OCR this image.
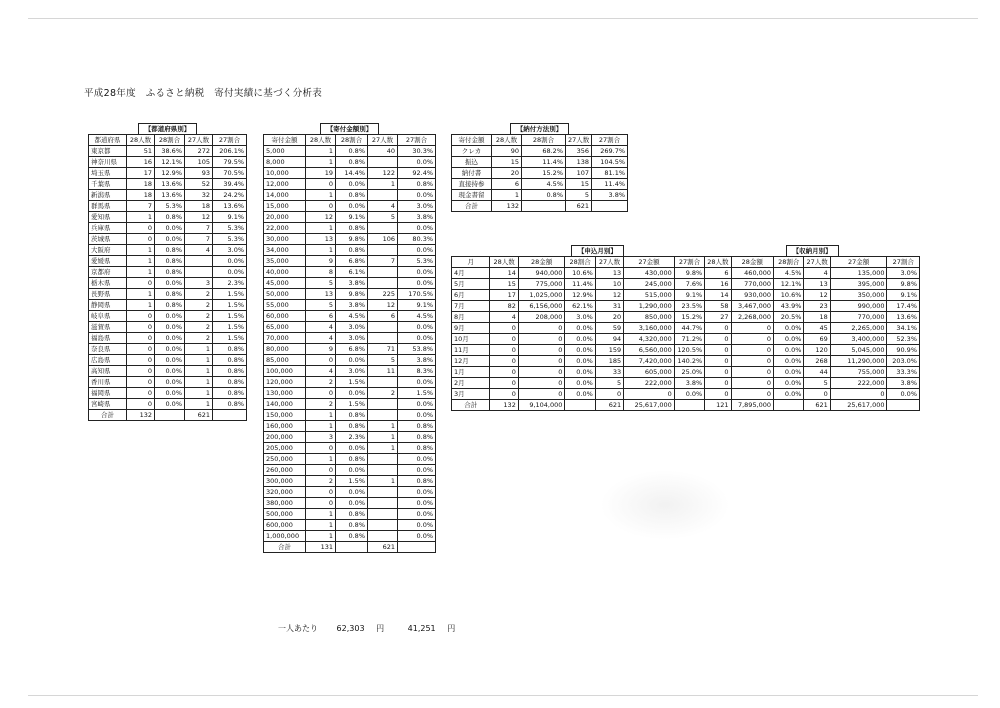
平成28年度　ふるさと納税　寄付実績に基づく分析表
【都道府県別】				
都道府県	28人数	28割合	27人数	27割合
東京都	51	38.6%	272	206.1%
神奈川県	16	12.1%	105	79.5%
埼玉県	17	12.9%	93	70.5%
千葉県	18	13.6%	52	39.4%
新潟県	18	13.6%	32	24.2%
群馬県	7	5.3%	18	13.6%
愛知県	1	0.8%	12	9.1%
兵庫県	0	0.0%	7	5.3%
茨城県	0	0.0%	7	5.3%
大阪府	1	0.8%	4	3.0%
愛媛県	1	0.8%		0.0%
京都府	1	0.8%		0.0%
栃木県	0	0.0%	3	2.3%
長野県	1	0.8%	2	1.5%
静岡県	1	0.8%	2	1.5%
岐阜県	0	0.0%	2	1.5%
滋賀県	0	0.0%	2	1.5%
福島県	0	0.0%	2	1.5%
奈良県	0	0.0%	1	0.8%
広島県	0	0.0%	1	0.8%
高知県	0	0.0%	1	0.8%
香川県	0	0.0%	1	0.8%
福岡県	0	0.0%	1	0.8%
宮崎県	0	0.0%	1	0.8%
合計	132		621	
【寄付金額別】				
寄付金額	28人数	28割合	27人数	27割合
5,000	1	0.8%	40	30.3%
8,000	1	0.8%		0.0%
10,000	19	14.4%	122	92.4%
12,000	0	0.0%	1	0.8%
14,000	1	0.8%		0.0%
15,000	0	0.0%	4	3.0%
20,000	12	9.1%	5	3.8%
22,000	1	0.8%		0.0%
30,000	13	9.8%	106	80.3%
34,000	1	0.8%		0.0%
35,000	9	6.8%	7	5.3%
40,000	8	6.1%		0.0%
45,000	5	3.8%		0.0%
50,000	13	9.8%	225	170.5%
55,000	5	3.8%	12	9.1%
60,000	6	4.5%	6	4.5%
65,000	4	3.0%		0.0%
70,000	4	3.0%		0.0%
80,000	9	6.8%	71	53.8%
85,000	0	0.0%	5	3.8%
100,000	4	3.0%	11	8.3%
120,000	2	1.5%		0.0%
130,000	0	0.0%	2	1.5%
140,000	2	1.5%		0.0%
150,000	1	0.8%		0.0%
160,000	1	0.8%	1	0.8%
200,000	3	2.3%	1	0.8%
205,000	0	0.0%	1	0.8%
250,000	1	0.8%		0.0%
260,000	0	0.0%		0.0%
300,000	2	1.5%	1	0.8%
320,000	0	0.0%		0.0%
380,000	0	0.0%		0.0%
500,000	1	0.8%		0.0%
600,000	1	0.8%		0.0%
1,000,000	1	0.8%		0.0%
合計	131		621	
【納付方法別】				
寄付金額	28人数	28割合	27人数	27割合
クレカ	90	68.2%	356	269.7%
振込	15	11.4%	138	104.5%
納付書	20	15.2%	107	81.1%
直接持参	6	4.5%	15	11.4%
現金書留	1	0.8%	5	3.8%
合計	132		621	
	【申込月別】						【収納月別】					
月	28人数	28金額	28割合	27人数	27金額	27割合	28人数	28金額	28割合	27人数	27金額	27割合
4月	14	940,000	10.6%	13	430,000	9.8%	6	460,000	4.5%	4	135,000	3.0%
5月	15	775,000	11.4%	10	245,000	7.6%	16	770,000	12.1%	13	395,000	9.8%
6月	17	1,025,000	12.9%	12	515,000	9.1%	14	930,000	10.6%	12	350,000	9.1%
7月	82	6,156,000	62.1%	31	1,290,000	23.5%	58	3,467,000	43.9%	23	990,000	17.4%
8月	4	208,000	3.0%	20	850,000	15.2%	27	2,268,000	20.5%	18	770,000	13.6%
9月	0	0	0.0%	59	3,160,000	44.7%	0	0	0.0%	45	2,265,000	34.1%
10月	0	0	0.0%	94	4,320,000	71.2%	0	0	0.0%	69	3,400,000	52.3%
11月	0	0	0.0%	159	6,560,000	120.5%	0	0	0.0%	120	5,045,000	90.9%
12月	0	0	0.0%	185	7,420,000	140.2%	0	0	0.0%	268	11,290,000	203.0%
1月	0	0	0.0%	33	605,000	25.0%	0	0	0.0%	44	755,000	33.3%
2月	0	0	0.0%	5	222,000	3.8%	0	0	0.0%	5	222,000	3.8%
3月	0	0	0.0%	0	0	0.0%	0	0	0.0%	0	0	0.0%
合計	132	9,104,000		621	25,617,000		121	7,895,000		621	25,617,000	
一人あたり 62,303 円	41,251 円
